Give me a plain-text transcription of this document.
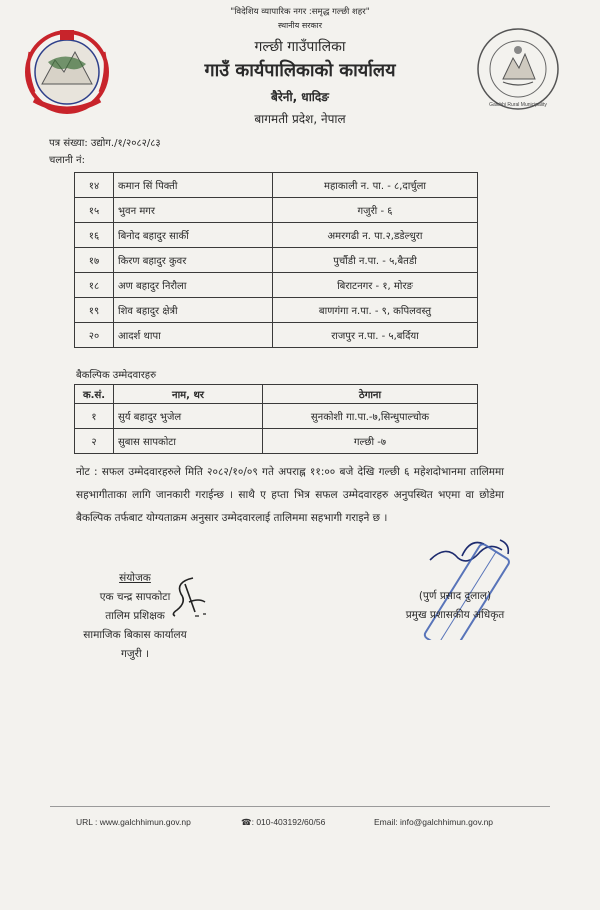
Galchhi Rural Municipality
"विदेशिय व्यापारिक नगर :समृद्ध गल्छी शहर"
स्थानीय सरकार
गल्छी गाउँपालिका
गाउँ कार्यपालिकाको कार्यालय
बैरेनी, धादिङ
बागमती प्रदेश, नेपाल
पत्र संख्या: उद्योग./१/२०८२/८३
चलानी नं:
१४	कमान सिं पिक्ती	महाकाली न. पा. - ८,दार्चुला
१५	भुवन मगर	गजुरी - ६
१६	बिनोद बहादुर सार्की	अमरगढी न. पा.२,डडेल्धुरा
१७	किरण बहादुर कुवर	पुर्चौडी न.पा. - ५,बैतडी
१८	अण बहादुर निरौला	बिराटनगर - १, मोरङ
१९	शिव बहादुर क्षेत्री	बाणगंगा न.पा. - ९, कपिलवस्तु
२०	आदर्श थापा	राजपुर न.पा. - ५,बर्दिया
बैकल्पिक उम्मेदवारहरु
क.सं.	नाम, थर	ठेगाना
१	सुर्य बहादुर भुजेल	सुनकोशी गा.पा.-७,सिन्धुपाल्चोक
२	सुबास सापकोटा	गल्छी -७
नोट : सफल उम्मेदवारहरुले मिति २०८२/१०/०९ गते अपराह्न ११:०० बजे देखि गल्छी ६ महेशदोभानमा तालिममा सहभागीताका लागि जानकारी गराईन्छ । साथै ए हप्ता भित्र सफल उम्मेदवारहरु अनुपस्थित भएमा वा छोडेमा बैकल्पिक तर्फबाट योग्यताक्रम अनुसार उम्मेदवारलाई तालिममा सहभागी गराइने छ ।
संयोजक
एक चन्द्र सापकोटा
तालिम प्रशिक्षक
सामाजिक बिकास कार्यालय
गजुरी ।
(पुर्ण प्रसाद दुलाल)
प्रमुख प्रशासकीय अधिकृत
URL : www.galchhimun.gov.np	☎: 010-403192/60/56	Email: info@galchhimun.gov.np
